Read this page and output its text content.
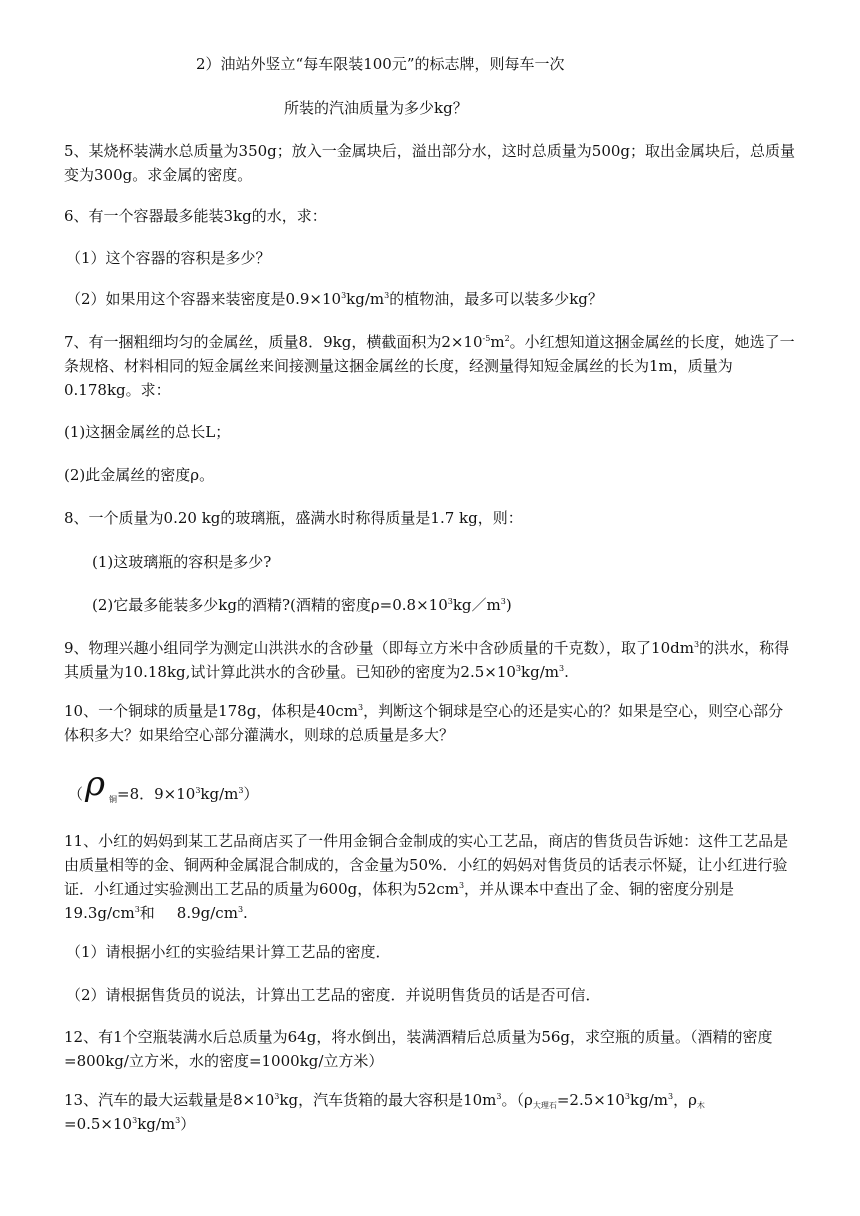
2）油站外竖立“每车限装100元”的标志牌，则每车一次
所装的汽油质量为多少kg？
5、某烧杯装满水总质量为350g；放入一金属块后，溢出部分水，这时总质量为500g；取出金属块后，总质量变为300g。求金属的密度。
6、有一个容器最多能装3kg的水，求：
（1）这个容器的容积是多少？
（2）如果用这个容器来装密度是$0.9\times 10^3kg/m^3$的植物油，最多可以装多少kg？
7、有一捆粗细均匀的金属丝，质量8．9kg，横截面积为$2\times 10^{-5}m^2$。小红想知道这捆金属丝的长度，她选了一条规格、材料相同的短金属丝来间接测量这捆金属丝的长度，经测量得知短金属丝的长为1m，质量为0.178kg。求：
(1)这捆金属丝的总长L；
(2)此金属丝的密度ρ。
8、一个质量为0.20 kg的玻璃瓶，盛满水时称得质量是1.7 kg，则：
(1)这玻璃瓶的容积是多少?
(2)它最多能装多少kg的酒精?(酒精的密度$\rho=0.8\times 10^3kg/m^3$)
9、物理兴趣小组同学为测定山洪洪水的含砂量（即每立方米中含砂质量的千克数），取了$10dm^3$的洪水，称得其质量为10.18kg,试计算此洪水的含砂量。已知砂的密度为$2.5\times 10^3kg/m^3$.
10、一个铜球的质量是178g，体积是$40cm^3$，判断这个铜球是空心的还是实心的？如果是空心，则空心部分体积多大？如果给空心部分灌满水，则球的总质量是多大？
（ρ $_铜$=8．$9\times 10^3kg/m^3$）
11、小红的妈妈到某工艺品商店买了一件用金铜合金制成的实心工艺品，商店的售货员告诉她：这件工艺品是由质量相等的金、铜两种金属混合制成的，含金量为50%．小红的妈妈对售货员的话表示怀疑，让小红进行验证．小红通过实验测出工艺品的质量为600g，体积为$52cm^3$，并从课本中查出了金、铜的密度分别是$19.3g/cm^3$和 $8.9g/cm^3$.
（1）请根据小红的实验结果计算工艺品的密度．
（2）请根据售货员的说法，计算出工艺品的密度．并说明售货员的话是否可信．
12、有1个空瓶装满水后总质量为64g，将水倒出，装满酒精后总质量为56g，求空瓶的质量。（酒精的密度=800kg/立方米，水的密度=1000kg/立方米）
13、汽车的最大运载量是$8\times 10^3kg$，汽车货箱的最大容积是$10m^3$。（$\rho_{大理石}=2.5\times 10^3kg/m^3$，$\rho_木=0.5\times 10^3kg/m^3$）
